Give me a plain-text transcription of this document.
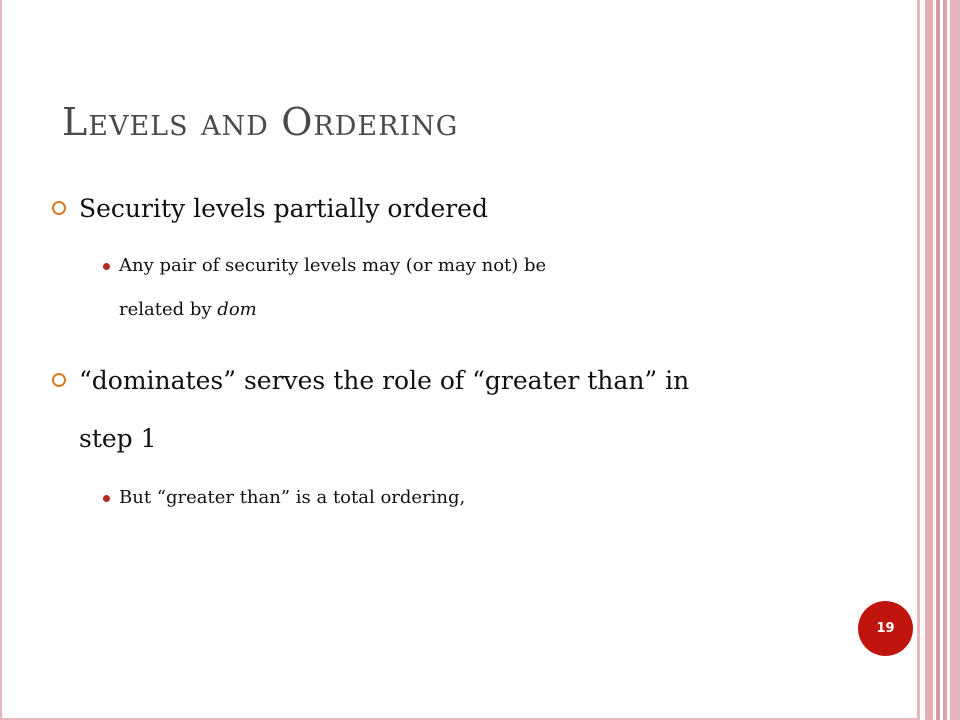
LEVELS AND ORDERING
Security levels partially ordered
Any pair of security levels may (or may not) be
related by dom
“dominates” serves the role of “greater than” in
step 1
But “greater than” is a total ordering,
19
